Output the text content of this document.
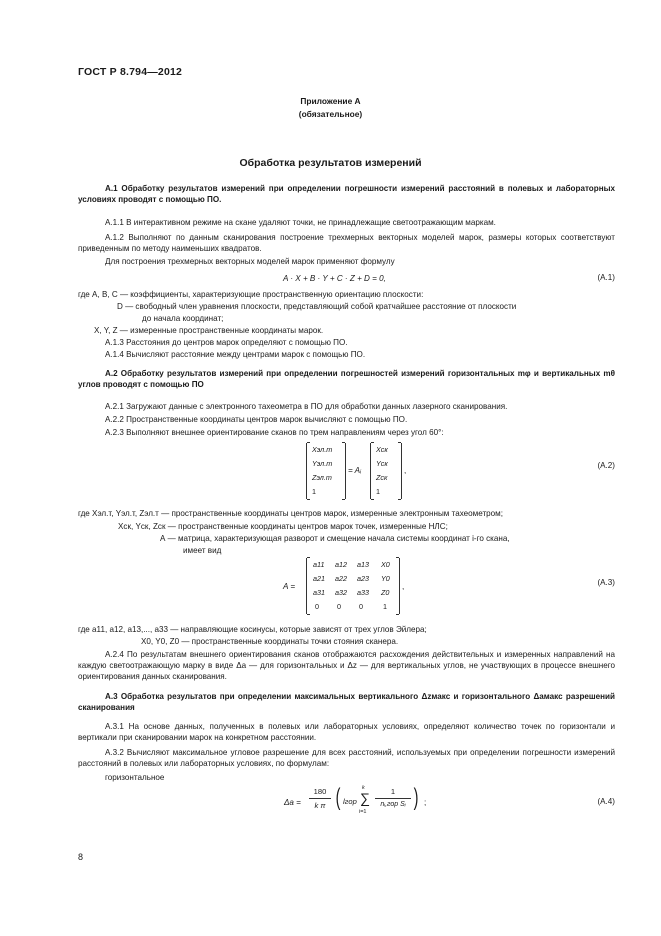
ГОСТ Р 8.794—2012
Приложение А
(обязательное)
Обработка результатов измерений
А.1 Обработку результатов измерений при определении погрешности измерений расстояний в полевых и лабораторных условиях проводят с помощью ПО.
А.1.1 В интерактивном режиме на скане удаляют точки, не принадлежащие светоотражающим маркам.
А.1.2 Выполняют по данным сканирования построение трехмерных векторных моделей марок, размеры которых соответствуют приведенным по методу наименьших квадратов.
Для построения трехмерных векторных моделей марок применяют формулу
A · X + B · Y + C · Z + D = 0,	(А.1)
где A, B, C — коэффициенты, характеризующие пространственную ориентацию плоскости:
D — свободный член уравнения плоскости, представляющий собой кратчайшее расстояние от плоскости
до начала координат;
X, Y, Z — измеренные пространственные координаты марок.
А.1.3 Расстояния до центров марок определяют с помощью ПО.
А.1.4 Вычисляют расстояние между центрами марок с помощью ПО.
А.2 Обработку результатов измерений при определении погрешностей измерений горизонтальных mφ и вертикальных mθ углов проводят с помощью ПО
А.2.1 Загружают данные с электронного тахеометра в ПО для обработки данных лазерного сканирования.
А.2.2 Пространственные координаты центров марок вычисляют с помощью ПО.
А.2.3 Выполняют внешнее ориентирование сканов по трем направлениям через угол 60°:
Xэл.т
Yэл.т
Zэл.т
1
= Aᵢ
Xск
Yск
Zск
1
,
(А.2)
где Xэл.т, Yэл.т, Zэл.т — пространственные координаты центров марок, измеренные электронным тахеометром;
Xск, Yск, Zск — пространственные координаты центров марок точек, измеренные НЛС;
А — матрица, характеризующая разворот и смещение начала системы координат i-го скана,
имеет вид
A =
a11 a12 a13 X0
a21 a22 a23 Y0
a31 a32 a33 Z0
0	0	0	1
,	(А.3)
где a11, a12, a13,..., a33 — направляющие косинусы, которые зависят от трех углов Эйлера;
X0, Y0, Z0 — пространственные координаты точки стояния сканера.
А.2.4 По результатам внешнего ориентирования сканов отображаются расхождения действительных и измеренных направлений на каждую светоотражающую марку в виде Δа — для горизонтальных и Δz — для вертикальных углов, не участвующих в процессе внешнего ориентирования данных сканирования.
А.3 Обработка результатов при определении максимальных вертикального Δzмакс и горизонтального Δaмакс разрешений сканирования
А.3.1 На основе данных, полученных в полевых или лабораторных условиях, определяют количество точек по горизонтали и вертикали при сканировании марок на конкретном расстоянии.
А.3.2 Вычисляют максимальное угловое разрешение для всех расстояний, используемых при определении погрешности измерений расстояний в полевых или лабораторных условиях, по формулам:
горизонтальное
Δa =
180
k π ( lгор
k
∑
i=1
1
nᵢ,гор Sᵢ ) ;	(А.4)
8
